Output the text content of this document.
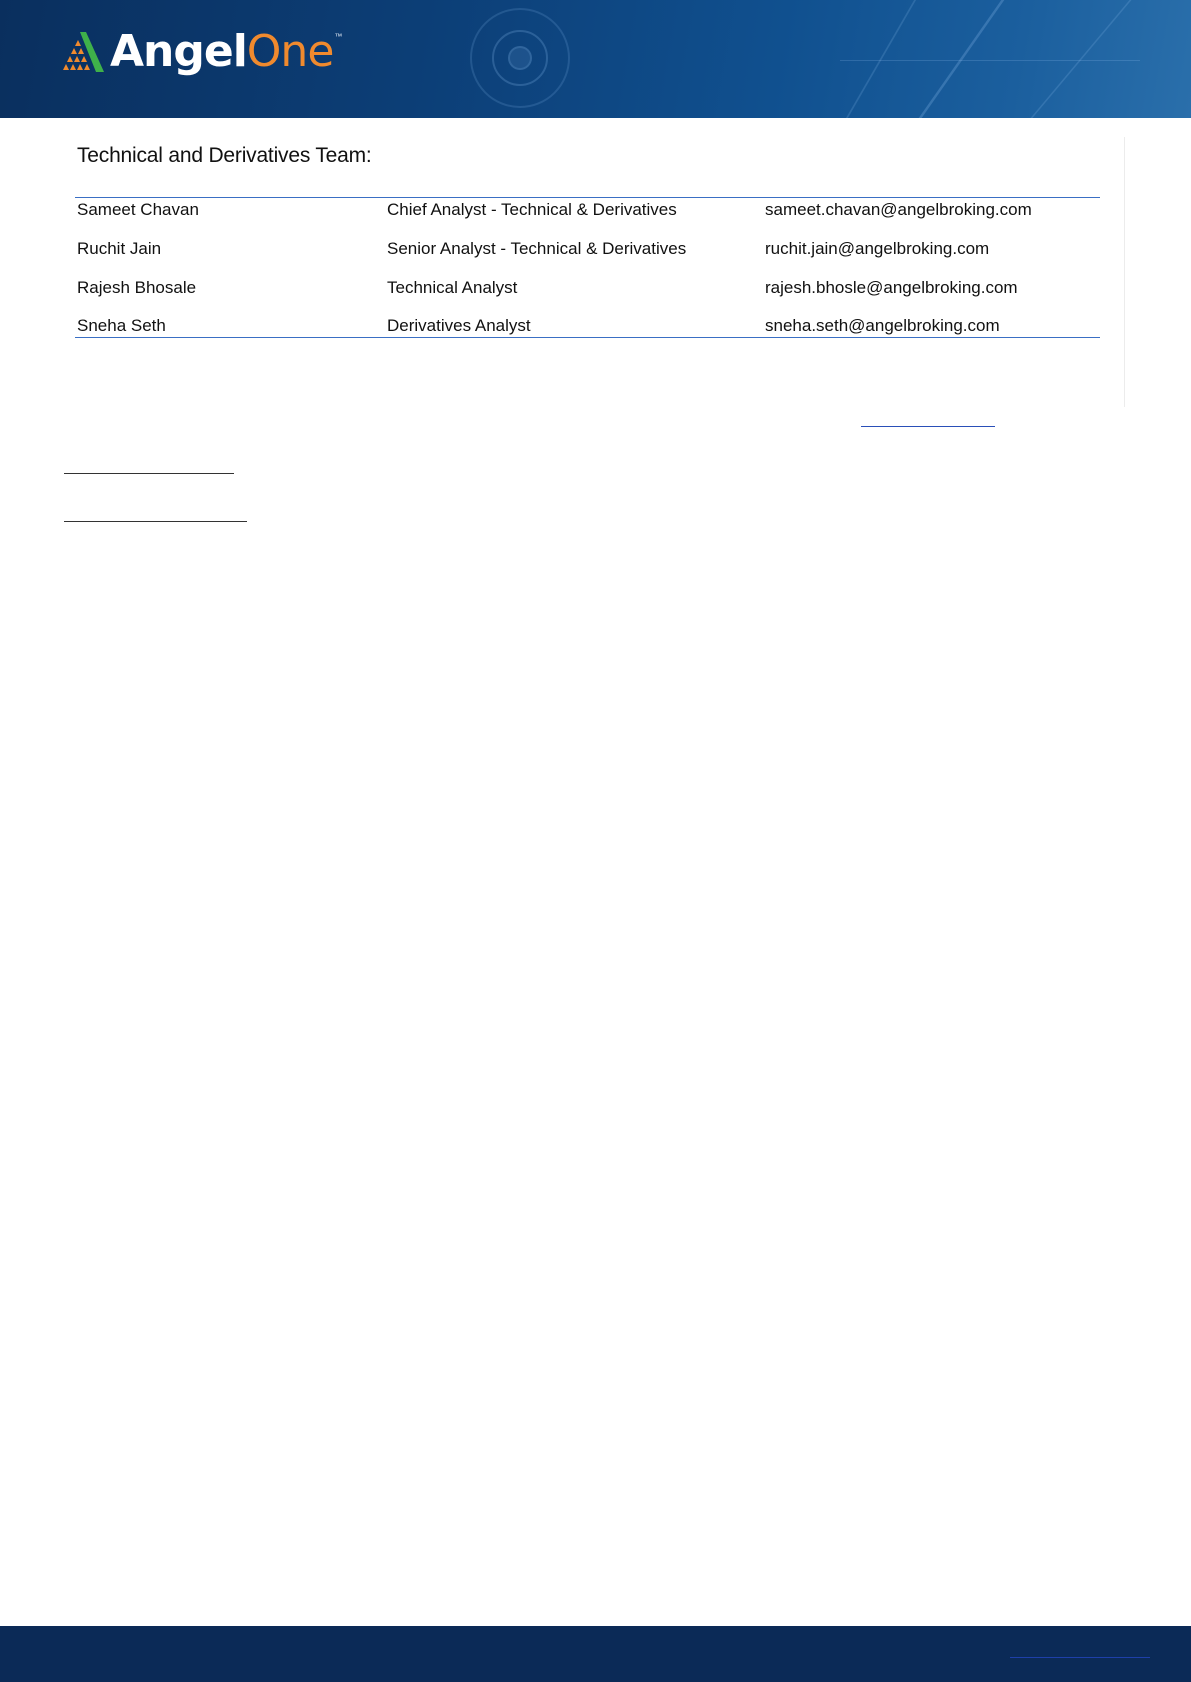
AngelOne ™
Technical and Derivatives Team:
Sameet Chavan	Chief Analyst - Technical & Derivatives	sameet.chavan@angelbroking.com
Ruchit Jain	Senior Analyst - Technical & Derivatives	ruchit.jain@angelbroking.com
Rajesh Bhosale	Technical Analyst	rajesh.bhosle@angelbroking.com
Sneha Seth	Derivatives Analyst	sneha.seth@angelbroking.com
